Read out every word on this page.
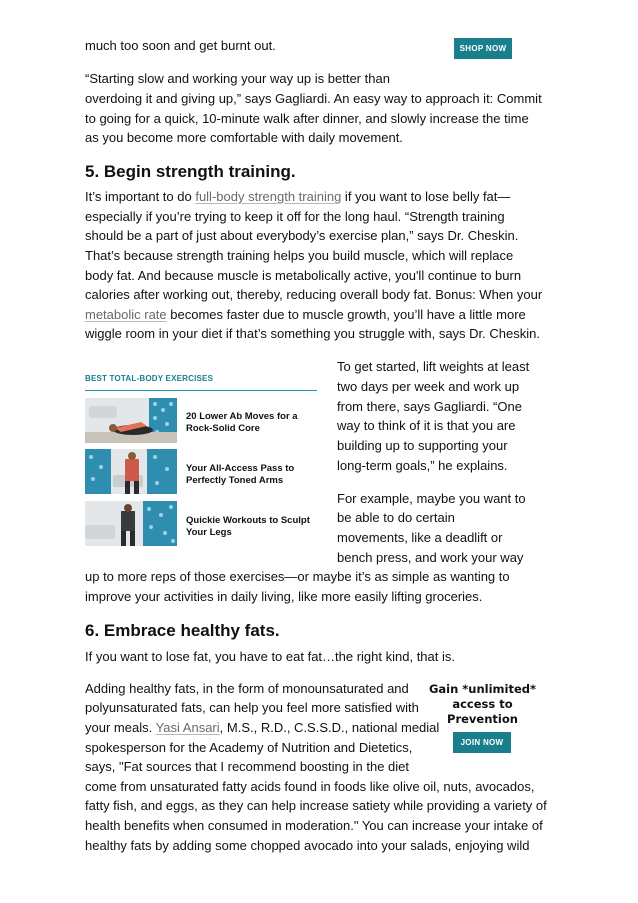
much too soon and get burnt out.	SHOP NOW
“Starting slow and working your way up is better than
overdoing it and giving up,” says Gagliardi. An easy way to approach it: Commit
to going for a quick, 10-minute walk after dinner, and slowly increase the time
as you become more comfortable with daily movement.
5. Begin strength training.
It’s important to do full-body strength training if you want to lose belly fat—
especially if you’re trying to keep it off for the long haul. “Strength training
should be a part of just about everybody’s exercise plan,” says Dr. Cheskin.
That’s because strength training helps you build muscle, which will replace
body fat. And because muscle is metabolically active, you'll continue to burn
calories after working out, thereby, reducing overall body fat. Bonus: When your
metabolic rate becomes faster due to muscle growth, you’ll have a little more
wiggle room in your diet if that’s something you struggle with, says Dr. Cheskin.
BEST TOTAL-BODY EXERCISES
20 Lower Ab Moves for a Rock-Solid Core
Your All-Access Pass to Perfectly Toned Arms
Quickie Workouts to Sculpt Your Legs
To get started, lift weights at least
two days per week and work up
from there, says Gagliardi. “One
way to think of it is that you are
building up to supporting your
long-term goals,” he explains.
For example, maybe you want to
be able to do certain
movements, like a deadlift or
bench press, and work your way
up to more reps of those exercises—or maybe it’s as simple as wanting to
improve your activities in daily living, like more easily lifting groceries.
6. Embrace healthy fats.
If you want to lose fat, you have to eat fat…the right kind, that is.
Adding healthy fats, in the form of monounsaturated and
polyunsaturated fats, can help you feel more satisfied with
your meals. Yasi Ansari, M.S., R.D., C.S.S.D., national medial
spokesperson for the Academy of Nutrition and Dietetics,
says, "Fat sources that I recommend boosting in the diet
come from unsaturated fatty acids found in foods like olive oil, nuts, avocados,
fatty fish, and eggs, as they can help increase satiety while providing a variety of
health benefits when consumed in moderation." You can increase your intake of
healthy fats by adding some chopped avocado into your salads, enjoying wild
Gain *unlimited*
access to
Prevention
JOIN NOW
